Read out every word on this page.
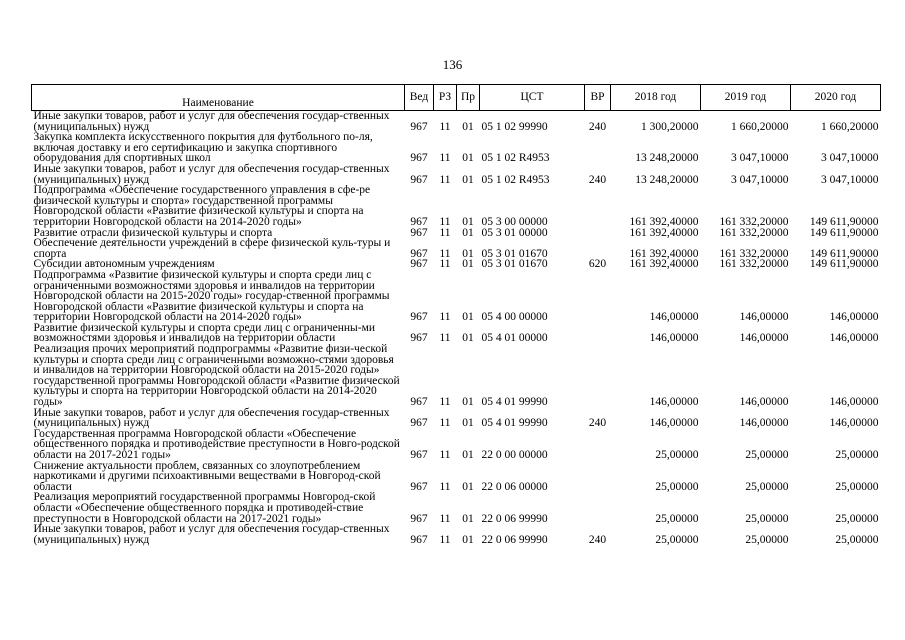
136
Наименование	Вед	РЗ	Пр	ЦСТ	ВР	2018 год	2019 год	2020 год
Иные закупки товаров, работ и услуг для обеспечения государ-ственных (муниципальных) нужд	967	11	01	05 1 02 99990	240	1 300,20000	1 660,20000	1 660,20000
Закупка комплекта искусственного покрытия для футбольного по-ля, включая доставку и его сертификацию и закупка спортивного оборудования для спортивных школ	967	11	01	05 1 02 R4953		13 248,20000	3 047,10000	3 047,10000
Иные закупки товаров, работ и услуг для обеспечения государ-ственных (муниципальных) нужд	967	11	01	05 1 02 R4953	240	13 248,20000	3 047,10000	3 047,10000
Подпрограмма «Обеспечение государственного управления в сфе-ре физической культуры и спорта» государственной программы Новгородской области «Развитие физической культуры и спорта на территории Новгородской области на 2014-2020 годы»	967	11	01	05 3 00 00000		161 392,40000	161 332,20000	149 611,90000
Развитие отрасли физической культуры и спорта	967	11	01	05 3 01 00000		161 392,40000	161 332,20000	149 611,90000
Обеспечение деятельности учреждений в сфере физической куль-туры и спорта	967	11	01	05 3 01 01670		161 392,40000	161 332,20000	149 611,90000
Субсидии автономным учреждениям	967	11	01	05 3 01 01670	620	161 392,40000	161 332,20000	149 611,90000
Подпрограмма «Развитие физической культуры и спорта среди лиц с ограниченными возможностями здоровья и инвалидов на территории Новгородской области на 2015-2020 годы» государ-ственной программы Новгородской области «Развитие физической культуры и спорта на территории Новгородской области на 2014-2020 годы»	967	11	01	05 4 00 00000		146,00000	146,00000	146,00000
Развитие физической культуры и спорта среди лиц с ограниченны-ми возможностями здоровья и инвалидов на территории области	967	11	01	05 4 01 00000		146,00000	146,00000	146,00000
Реализация прочих мероприятий подпрограммы «Развитие физи-ческой культуры и спорта среди лиц с ограниченными возможно-стями здоровья и инвалидов на территории Новгородской области на 2015-2020 годы» государственной программы Новгородской области «Развитие физической культуры и спорта на территории Новгородской области на 2014-2020 годы»	967	11	01	05 4 01 99990		146,00000	146,00000	146,00000
Иные закупки товаров, работ и услуг для обеспечения государ-ственных (муниципальных) нужд	967	11	01	05 4 01 99990	240	146,00000	146,00000	146,00000
Государственная программа Новгородской области «Обеспечение общественного порядка и противодействие преступности в Новго-родской области на 2017-2021 годы»	967	11	01	22 0 00 00000		25,00000	25,00000	25,00000
Снижение актуальности проблем, связанных со злоупотреблением наркотиками и другими психоактивными веществами в Новгород-ской области	967	11	01	22 0 06 00000		25,00000	25,00000	25,00000
Реализация мероприятий государственной программы Новгород-ской области «Обеспечение общественного порядка и противодей-ствие преступности в Новгородской области на 2017-2021 годы»	967	11	01	22 0 06 99990		25,00000	25,00000	25,00000
Иные закупки товаров, работ и услуг для обеспечения государ-ственных (муниципальных) нужд	967	11	01	22 0 06 99990	240	25,00000	25,00000	25,00000
